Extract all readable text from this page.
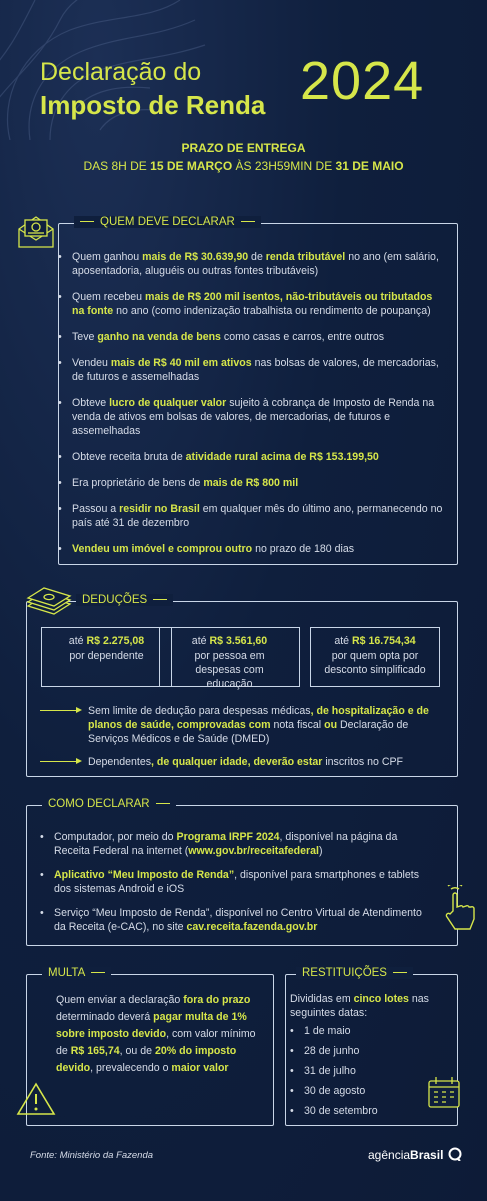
Declaração do
Imposto de Renda 2024
PRAZO DE ENTREGA
DAS 8H DE 15 DE MARÇO ÀS 23H59MIN DE 31 DE MAIO
QUEM DEVE DECLARAR
• Quem ganhou mais de R$ 30.639,90 de renda tributável no ano (em salário, aposentadoria, aluguéis ou outras fontes tributáveis)
• Quem recebeu mais de R$ 200 mil isentos, não-tributáveis ou tributados na fonte no ano (como indenização trabalhista ou rendimento de poupança)
• Teve ganho na venda de bens como casas e carros, entre outros
• Vendeu mais de R$ 40 mil em ativos nas bolsas de valores, de mercadorias, de futuros e assemelhadas
• Obteve lucro de qualquer valor sujeito à cobrança de Imposto de Renda na venda de ativos em bolsas de valores, de mercadorias, de futuros e assemelhadas
• Obteve receita bruta de atividade rural acima de R$ 153.199,50
• Era proprietário de bens de mais de R$ 800 mil
• Passou a residir no Brasil em qualquer mês do último ano, permanecendo no país até 31 de dezembro
• Vendeu um imóvel e comprou outro no prazo de 180 dias
DEDUÇÕES
até R$ 2.275,08
por dependente
até R$ 3.561,60
por pessoa em despesas com educação
até R$ 16.754,34
por quem opta por desconto simplificado
Sem limite de dedução para despesas médicas, de hospitalização e de planos de saúde, comprovadas com nota fiscal ou Declaração de Serviços Médicos e de Saúde (DMED)
Dependentes, de qualquer idade, deverão estar inscritos no CPF
COMO DECLARAR
• Computador, por meio do Programa IRPF 2024, disponível na página da Receita Federal na internet (www.gov.br/receitafederal)
• Aplicativo “Meu Imposto de Renda”, disponível para smartphones e tablets dos sistemas Android e iOS
• Serviço “Meu Imposto de Renda”, disponível no Centro Virtual de Atendimento da Receita (e-CAC), no site cav.receita.fazenda.gov.br
MULTA
Quem enviar a declaração fora do prazo determinado deverá pagar multa de 1% sobre imposto devido, com valor mínimo de R$ 165,74, ou de 20% do imposto devido, prevalecendo o maior valor
RESTITUIÇÕES
Divididas em cinco lotes nas seguintes datas:
• 1 de maio
• 28 de junho
• 31 de julho
• 30 de agosto
• 30 de setembro
Fonte: Ministério da Fazenda	agênciaBrasil
